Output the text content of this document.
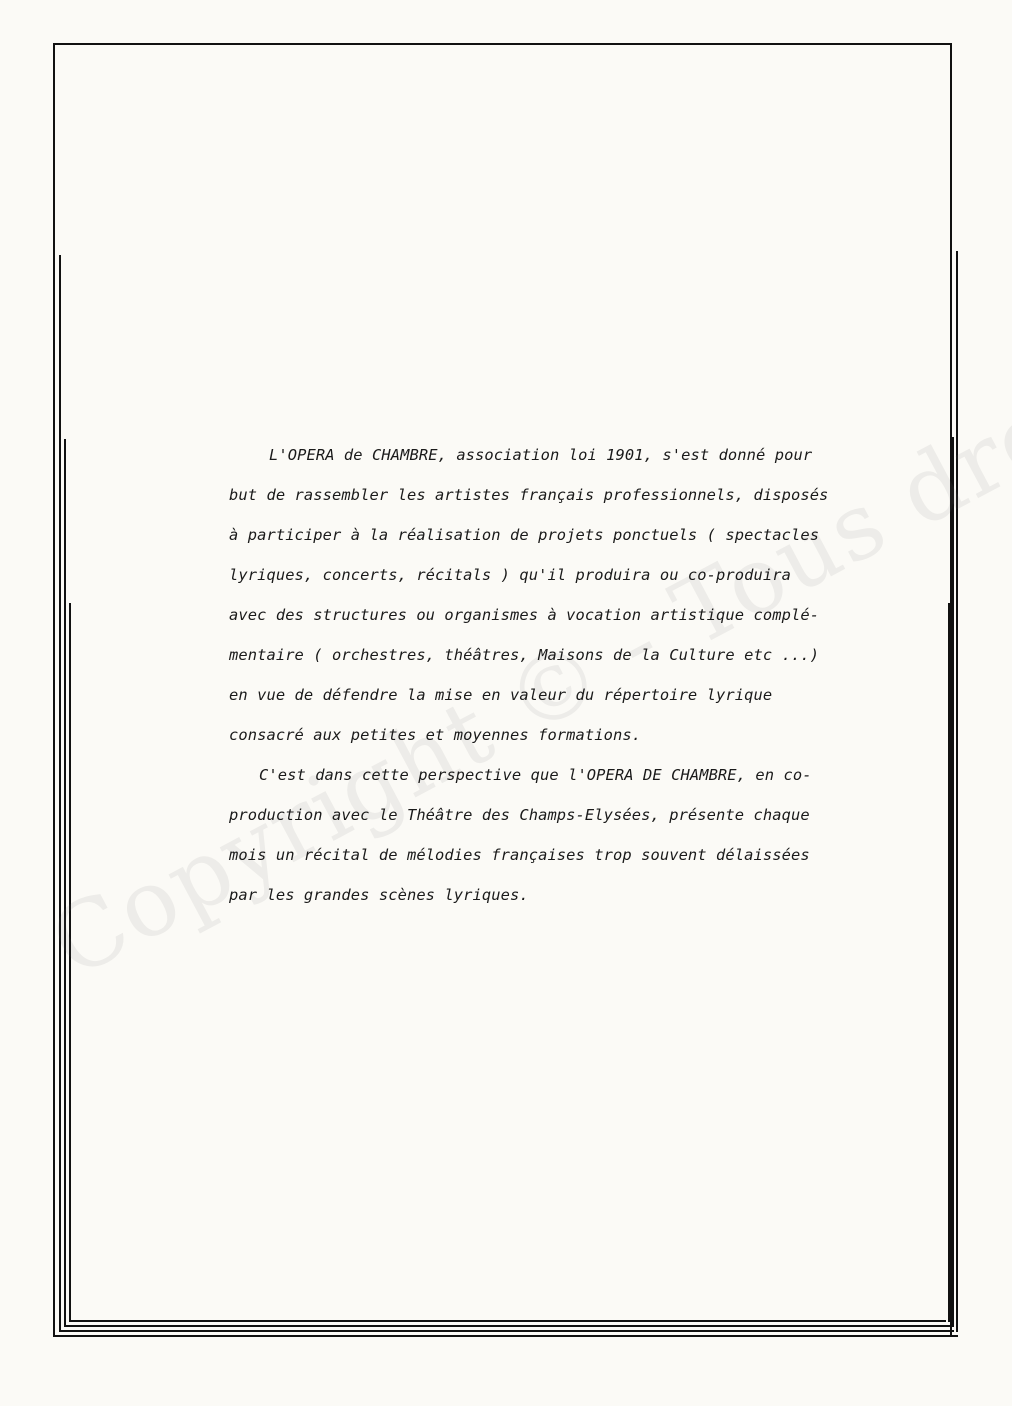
L'OPERA de CHAMBRE, association loi 1901, s'est donné pour
but de rassembler les artistes français professionnels, disposés
à participer à la réalisation de projets ponctuels ( spectacles
lyriques, concerts, récitals ) qu'il produira ou co-produira
avec des structures ou organismes à vocation artistique complé-
mentaire ( orchestres, théâtres, Maisons de la Culture etc ...)
en vue de défendre la mise en valeur du répertoire lyrique
consacré aux petites et moyennes formations.
C'est dans cette perspective que l'OPERA DE CHAMBRE, en co-
production avec le Théâtre des Champs-Elysées, présente chaque
mois un récital de mélodies françaises trop souvent délaissées
par les grandes scènes lyriques.
